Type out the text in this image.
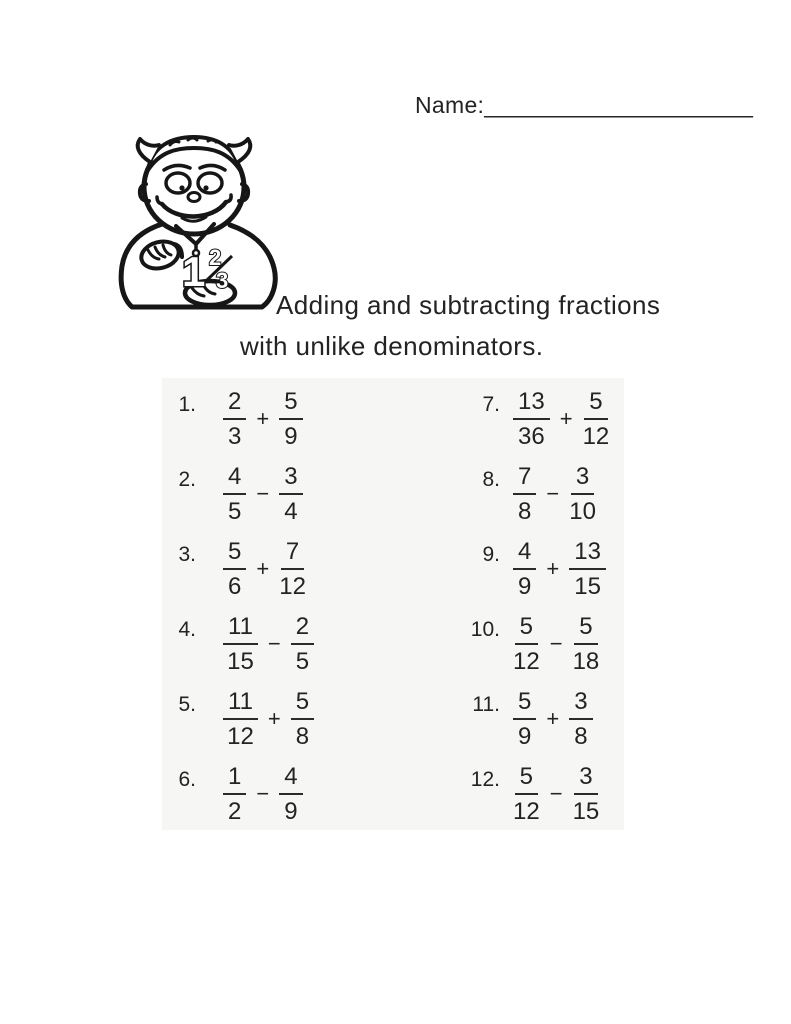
Name:_____________________
1 2
3
Adding and subtracting fractions
with unlike denominators.
1. $\frac{2}{3} + \frac{5}{9}$
2. $\frac{4}{5} - \frac{3}{4}$
3. $\frac{5}{6} + \frac{7}{12}$
4. $\frac{11}{15} - \frac{2}{5}$
5. $\frac{11}{12} + \frac{5}{8}$
6. $\frac{1}{2} - \frac{4}{9}$
7. $\frac{13}{36} + \frac{5}{12}$
8. $\frac{7}{8} - \frac{3}{10}$
9. $\frac{4}{9} + \frac{13}{15}$
10. $\frac{5}{12} - \frac{5}{18}$
11. $\frac{5}{9} + \frac{3}{8}$
12. $\frac{5}{12} - \frac{3}{15}$
